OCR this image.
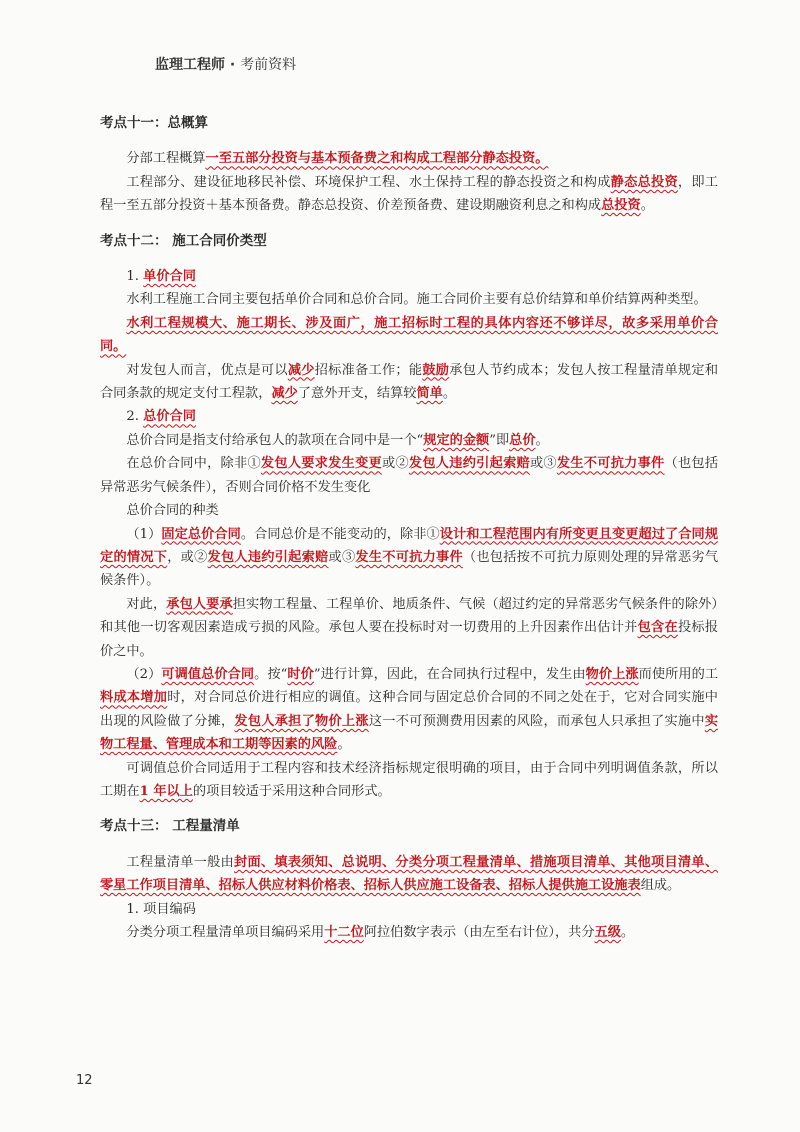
监理工程师 · 考前资料

考点十一：总概算

分部工程概算一至五部分投资与基本预备费之和构成工程部分静态投资。

工程部分、建设征地移民补偿、环境保护工程、水土保持工程的静态投资之和构成静态总投资，即工程一至五部分投资＋基本预备费。静态总投资、价差预备费、建设期融资利息之和构成总投资。

考点十二： 施工合同价类型

1. 单价合同

水利工程施工合同主要包括单价合同和总价合同。施工合同价主要有总价结算和单价结算两种类型。

水利工程规模大、施工期长、涉及面广，施工招标时工程的具体内容还不够详尽，故多采用单价合同。

对发包人而言，优点是可以减少招标准备工作；能鼓励承包人节约成本；发包人按工程量清单规定和合同条款的规定支付工程款，减少了意外开支，结算较简单。

2. 总价合同

总价合同是指支付给承包人的款项在合同中是一个“规定的金额”即总价。

在总价合同中，除非①发包人要求发生变更或②发包人违约引起索赔或③发生不可抗力事件（也包括异常恶劣气候条件），否则合同价格不发生变化

总价合同的种类

（1）固定总价合同。合同总价是不能变动的，除非①设计和工程范围内有所变更且变更超过了合同规定的情况下，或②发包人违约引起索赔或③发生不可抗力事件（也包括按不可抗力原则处理的异常恶劣气候条件）。

对此，承包人要承担实物工程量、工程单价、地质条件、气候（超过约定的异常恶劣气候条件的除外）和其他一切客观因素造成亏损的风险。承包人要在投标时对一切费用的上升因素作出估计并包含在投标报价之中。

（2）可调值总价合同。按“时价”进行计算，因此，在合同执行过程中，发生由物价上涨而使所用的工料成本增加时，对合同总价进行相应的调值。这种合同与固定总价合同的不同之处在于，它对合同实施中出现的风险做了分摊，发包人承担了物价上涨这一不可预测费用因素的风险，而承包人只承担了实施中实物工程量、管理成本和工期等因素的风险。

可调值总价合同适用于工程内容和技术经济指标规定很明确的项目，由于合同中列明调值条款，所以工期在1 年以上的项目较适于采用这种合同形式。

考点十三： 工程量清单

工程量清单一般由封面、填表须知、总说明、分类分项工程量清单、措施项目清单、其他项目清单、零星工作项目清单、招标人供应材料价格表、招标人供应施工设备表、招标人提供施工设施表组成。

1. 项目编码

分类分项工程量清单项目编码采用十二位阿拉伯数字表示（由左至右计位），共分五级。

12
